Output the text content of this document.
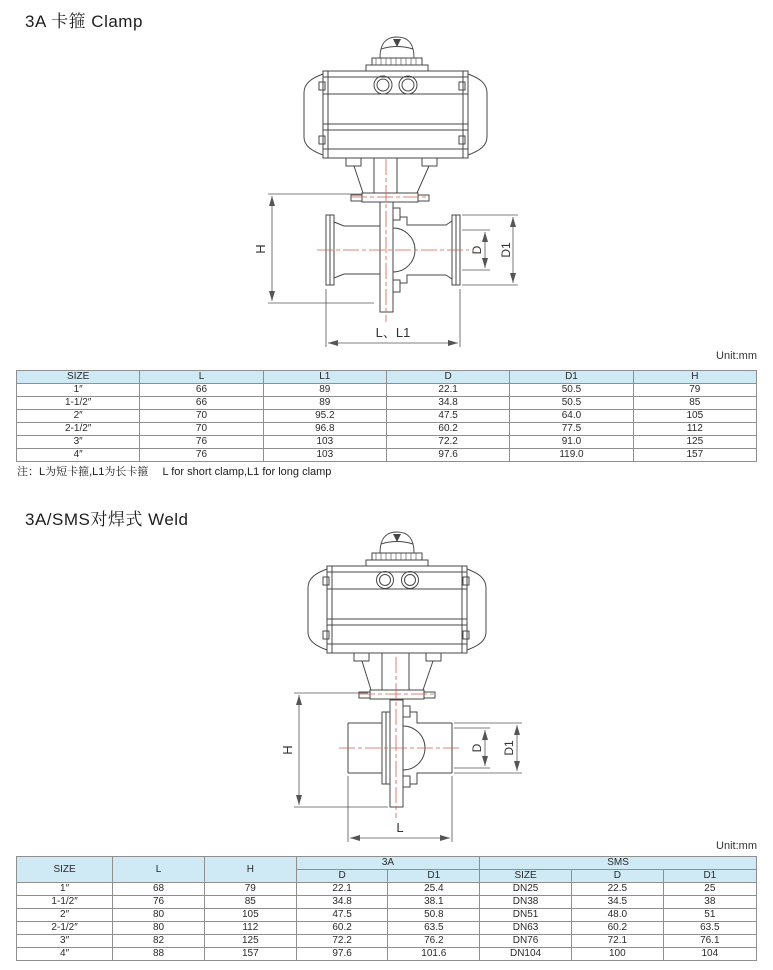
3A 卡箍 Clamp
H	D D1
L、L1
Unit:mm
SIZE	L	L1	D	D1	H
1″	66	89	22.1	50.5	79
1-1/2″	66	89	34.8	50.5	85
2″	70	95.2	47.5	64.0	105
2-1/2″	70	96.8	60.2	77.5	112
3″	76	103	72.2	91.0	125
4″	76	103	97.6	119.0	157
注：L为短卡箍,L1为长卡箍　 L for short clamp,L1 for long clamp
3A/SMS对焊式 Weld
H	D D1
L
Unit:mm
SIZE	L	H	3A		SMS		
			D	D1	SIZE	D	D1
1″	68	79	22.1	25.4	DN25	22.5	25
1-1/2″	76	85	34.8	38.1	DN38	34.5	38
2″	80	105	47.5	50.8	DN51	48.0	51
2-1/2″	80	112	60.2	63.5	DN63	60.2	63.5
3″	82	125	72.2	76.2	DN76	72.1	76.1
4″	88	157	97.6	101.6	DN104	100	104
